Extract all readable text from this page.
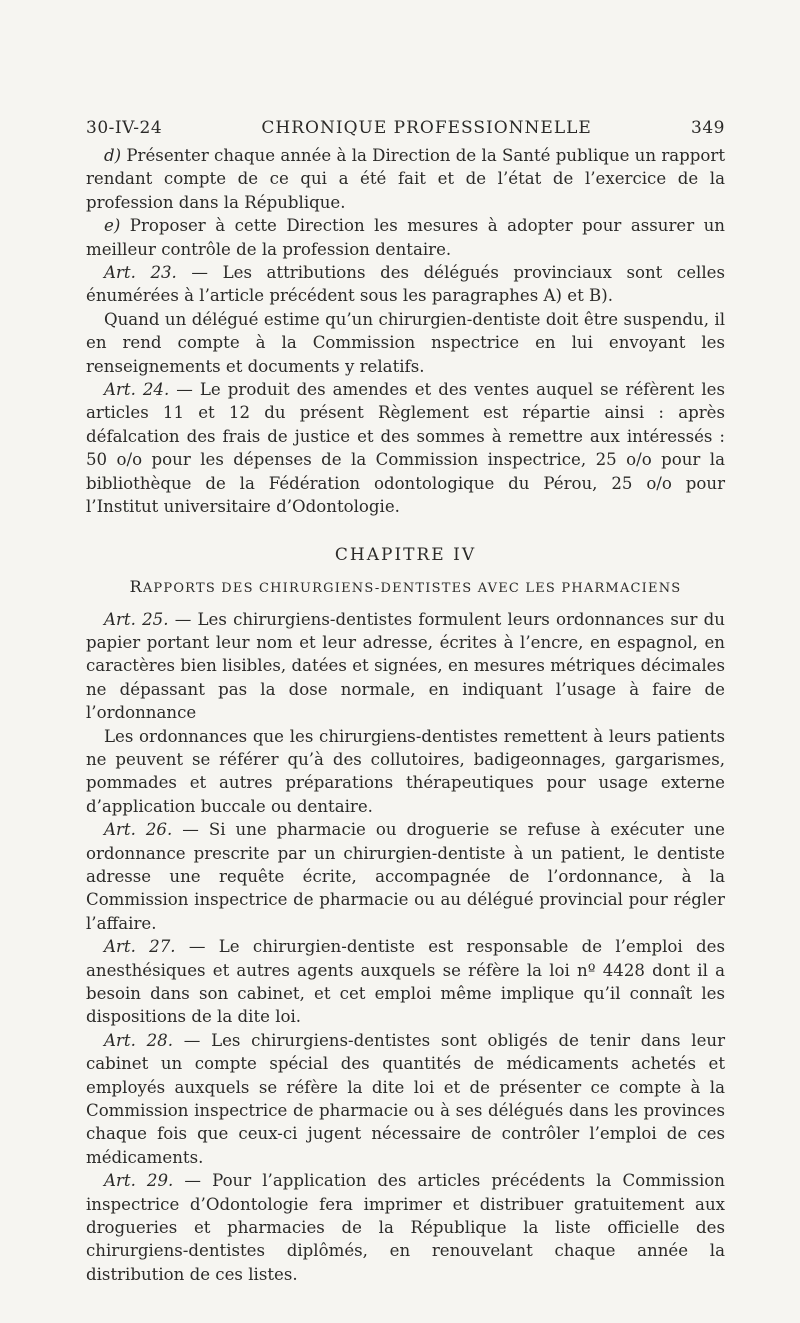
30-IV-24	CHRONIQUE PROFESSIONNELLE	349

d) Présenter chaque année à la Direction de la Santé publique un rapport rendant compte de ce qui a été fait et de l’état de l’exercice de la profession dans la République.

e) Proposer à cette Direction les mesures à adopter pour assurer un meilleur contrôle de la profession dentaire.

Art. 23. — Les attributions des délégués provinciaux sont celles énumérées à l’article précédent sous les paragraphes A) et B).

Quand un délégué estime qu’un chirurgien-dentiste doit être suspendu, il en rend compte à la Commission nspectrice en lui envoyant les renseignements et documents y relatifs.

Art. 24. — Le produit des amendes et des ventes auquel se réfèrent les articles 11 et 12 du présent Règlement est répartie ainsi : après défalcation des frais de justice et des sommes à remettre aux intéressés : 50 o/o pour les dépenses de la Commission inspectrice, 25 o/o pour la bibliothèque de la Fédération odontologique du Pérou, 25 o/o pour l’Institut universitaire d’Odontologie.

CHAPITRE IV
RAPPORTS DES CHIRURGIENS-DENTISTES AVEC LES PHARMACIENS

Art. 25. — Les chirurgiens-dentistes formulent leurs ordonnances sur du papier portant leur nom et leur adresse, écrites à l’encre, en espagnol, en caractères bien lisibles, datées et signées, en mesures métriques décimales ne dépassant pas la dose normale, en indiquant l’usage à faire de l’ordonnance

Les ordonnances que les chirurgiens-dentistes remettent à leurs patients ne peuvent se référer qu’à des collutoires, badigeonnages, gargarismes, pommades et autres préparations thérapeutiques pour usage externe d’application buccale ou dentaire.

Art. 26. — Si une pharmacie ou droguerie se refuse à exécuter une ordonnance prescrite par un chirurgien-dentiste à un patient, le dentiste adresse une requête écrite, accompagnée de l’ordonnance, à la Commission inspectrice de pharmacie ou au délégué provincial pour régler l’affaire.

Art. 27. — Le chirurgien-dentiste est responsable de l’emploi des anesthésiques et autres agents auxquels se réfère la loi nº 4428 dont il a besoin dans son cabinet, et cet emploi même implique qu’il connaît les dispositions de la dite loi.

Art. 28. — Les chirurgiens-dentistes sont obligés de tenir dans leur cabinet un compte spécial des quantités de médicaments achetés et employés auxquels se réfère la dite loi et de présenter ce compte à la Commission inspectrice de pharmacie ou à ses délégués dans les provinces chaque fois que ceux-ci jugent nécessaire de contrôler l’emploi de ces médicaments.

Art. 29. — Pour l’application des articles précédents la Commission inspectrice d’Odontologie fera imprimer et distribuer gratuitement aux drogueries et pharmacies de la République la liste officielle des chirurgiens-dentistes diplômés, en renouvelant chaque année la distribution de ces listes.
